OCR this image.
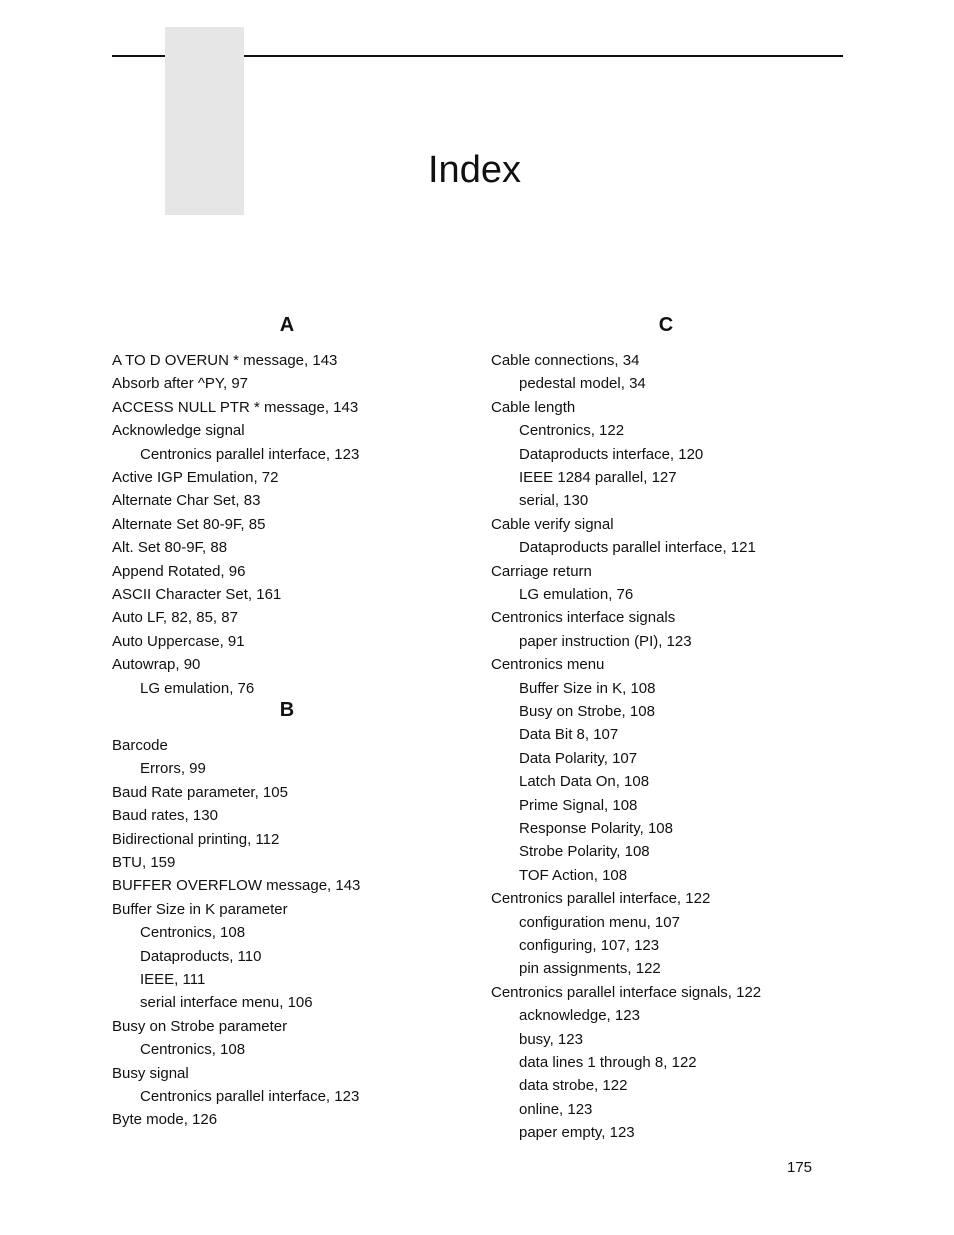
Index
A
A TO D OVERUN * message, 143
Absorb after ^PY, 97
ACCESS NULL PTR * message, 143
Acknowledge signal
Centronics parallel interface, 123
Active IGP Emulation, 72
Alternate Char Set, 83
Alternate Set 80-9F, 85
Alt. Set 80-9F, 88
Append Rotated, 96
ASCII Character Set, 161
Auto LF, 82, 85, 87
Auto Uppercase, 91
Autowrap, 90
LG emulation, 76
B
Barcode
Errors, 99
Baud Rate parameter, 105
Baud rates, 130
Bidirectional printing, 112
BTU, 159
BUFFER OVERFLOW message, 143
Buffer Size in K parameter
Centronics, 108
Dataproducts, 110
IEEE, 111
serial interface menu, 106
Busy on Strobe parameter
Centronics, 108
Busy signal
Centronics parallel interface, 123
Byte mode, 126
C
Cable connections, 34
pedestal model, 34
Cable length
Centronics, 122
Dataproducts interface, 120
IEEE 1284 parallel, 127
serial, 130
Cable verify signal
Dataproducts parallel interface, 121
Carriage return
LG emulation, 76
Centronics interface signals
paper instruction (PI), 123
Centronics menu
Buffer Size in K, 108
Busy on Strobe, 108
Data Bit 8, 107
Data Polarity, 107
Latch Data On, 108
Prime Signal, 108
Response Polarity, 108
Strobe Polarity, 108
TOF Action, 108
Centronics parallel interface, 122
configuration menu, 107
configuring, 107, 123
pin assignments, 122
Centronics parallel interface signals, 122
acknowledge, 123
busy, 123
data lines 1 through 8, 122
data strobe, 122
online, 123
paper empty, 123
175
